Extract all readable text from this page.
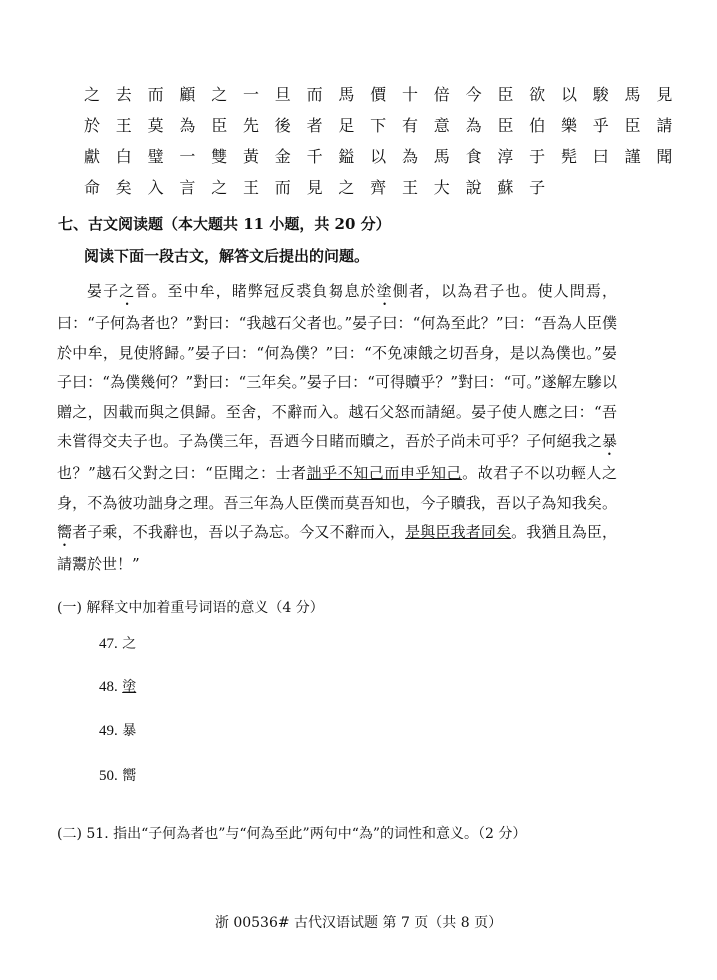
之 去 而 顧 之 一 旦 而 馬 價 十 倍 今 臣 欲 以 駿 馬 見
於 王 莫 為 臣 先 後 者 足 下 有 意 為 臣 伯 樂 乎 臣 請
獻 白 璧 一 雙 黃 金 千 鎰 以 為 馬 食 淳 于 髡 曰 謹 聞
命 矣 入 言 之 王 而 見 之 齊 王 大 說 蘇 子
七、古文阅读题（本大题共 11 小题，共 20 分）
阅读下面一段古文，解答文后提出的问题。

晏子之晉。至中牟，睹弊冠反裘負芻息於塗側者，以為君子也。使人問焉，曰：“子何為者也？”對曰：“我越石父者也。”晏子曰：“何為至此？”曰：“吾為人臣僕於中牟，見使將歸。”晏子曰：“何為僕？”曰：“不免凍餓之切吾身，是以為僕也。”晏子曰：“為僕幾何？”對曰：“三年矣。”晏子曰：“可得贖乎？”對曰：“可。”遂解左驂以贈之，因載而與之俱歸。至舍，不辭而入。越石父怒而請絕。晏子使人應之曰：“吾未嘗得交夫子也。子為僕三年，吾迺今日睹而贖之，吾於子尚未可乎？子何絕我之暴也？”越石父對之曰：“臣聞之：士者詘乎不知己而申乎知己。故君子不以功輕人之身，不為彼功詘身之理。吾三年為人臣僕而莫吾知也，今子贖我，吾以子為知我矣。嚮者子乘，不我辭也，吾以子為忘。今又不辭而入，是與臣我者同矣。我猶且為臣，請鬻於世！”

(一) 解释文中加着重号词语的意义（4 分）
47. 之
48. 塗
49. 暴
50. 嚮
(二) 51. 指出“子何為者也”与“何為至此”两句中“為”的词性和意义。（2 分）
浙 00536# 古代汉语试题 第 7 页（共 8 页）
